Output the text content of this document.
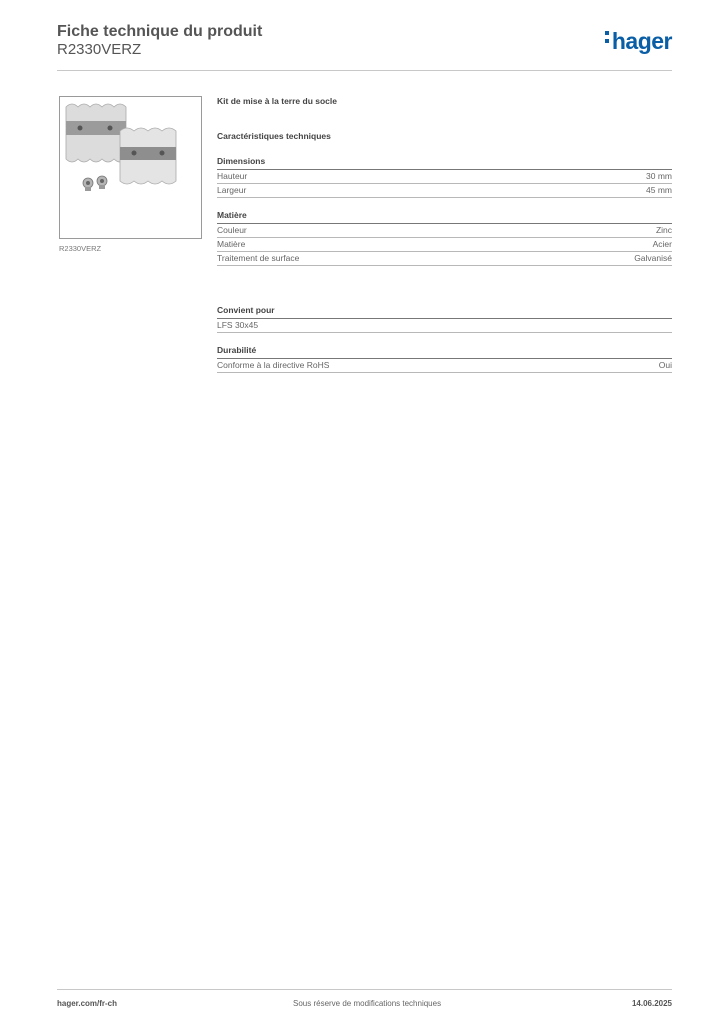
Fiche technique du produit
R2330VERZ	hager
R2330VERZ
Kit de mise à la terre du socle
Caractéristiques techniques
Dimensions
Hauteur	30 mm
Largeur	45 mm
Matière
Couleur	Zinc
Matière	Acier
Traitement de surface	Galvanisé
Convient pour
LFS 30x45
Durabilité
Conforme à la directive RoHS	Oui
hager.com/fr-ch	Sous réserve de modifications techniques	14.06.2025
